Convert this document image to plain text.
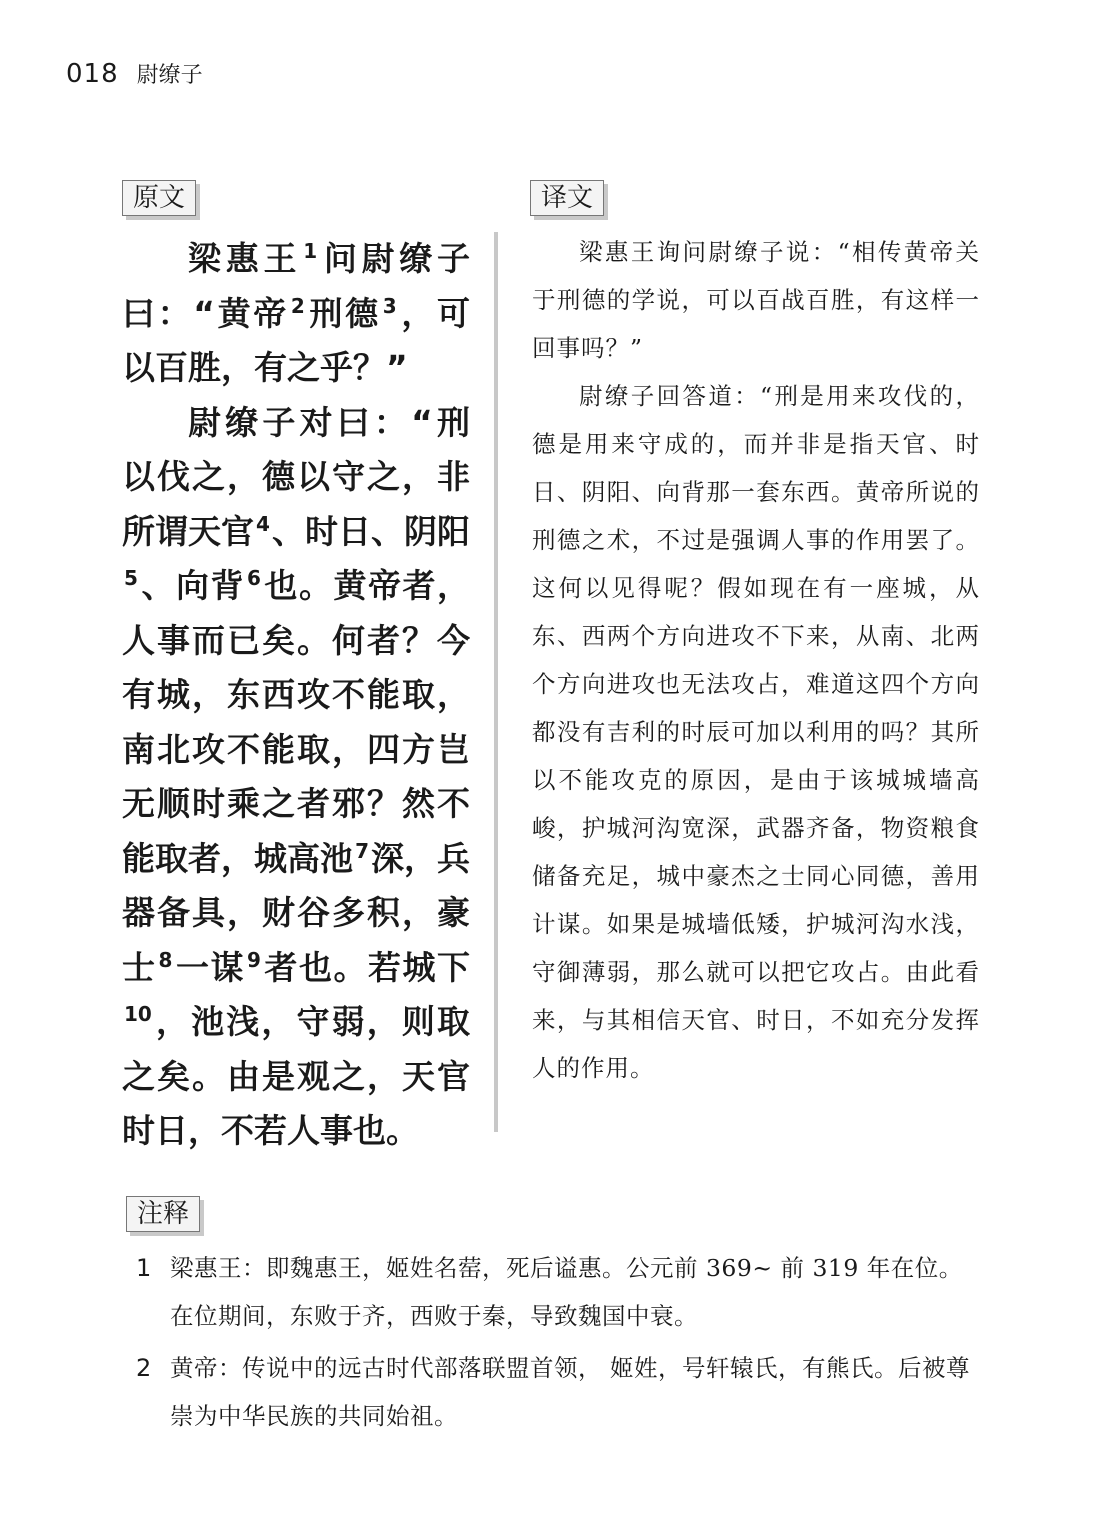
018 尉缭子
原文	译文
注释

梁惠王 $^1$问尉缭子曰：“黄帝 $^2$刑德 $^3$，可以百胜，有之乎？”

尉缭子对曰：“刑以伐之，德以守之，非所谓天官 $^4$、时日、阴阳$^5$、向背 $^6$也。黄帝者，人事而已矣。何者？今有城，东西攻不能取，南北攻不能取，四方岂无顺时乘之者邪？然不能取者，城高池 $^7$深，兵器备具，财谷多积，豪士 $^8$一谋 $^9$者也。若城下$^{10}$，池浅，守弱，则取之矣。由是观之，天官时日，不若人事也。

梁惠王询问尉缭子说：“相传黄帝关于刑德的学说，可以百战百胜，有这样一回事吗？”

尉缭子回答道：“刑是用来攻伐的，德是用来守成的，而并非是指天官、时日、阴阳、向背那一套东西。黄帝所说的刑德之术，不过是强调人事的作用罢了。这何以见得呢？假如现在有一座城，从东、西两个方向进攻不下来，从南、北两个方向进攻也无法攻占，难道这四个方向都没有吉利的时辰可加以利用的吗？其所以不能攻克的原因，是由于该城城墙高峻，护城河沟宽深，武器齐备，物资粮食储备充足，城中豪杰之士同心同德，善用计谋。如果是城墙低矮，护城河沟水浅，守御薄弱，那么就可以把它攻占。由此看来，与其相信天官、时日，不如充分发挥人的作用。

1 梁惠王：即魏惠王，姬姓名䓨，死后谥惠。公元前 369~ 前 319 年在位。在位期间，东败于齐，西败于秦，导致魏国中衰。
2 黄帝：传说中的远古时代部落联盟首领， 姬姓，号轩辕氏，有熊氏。后被尊崇为中华民族的共同始祖。
